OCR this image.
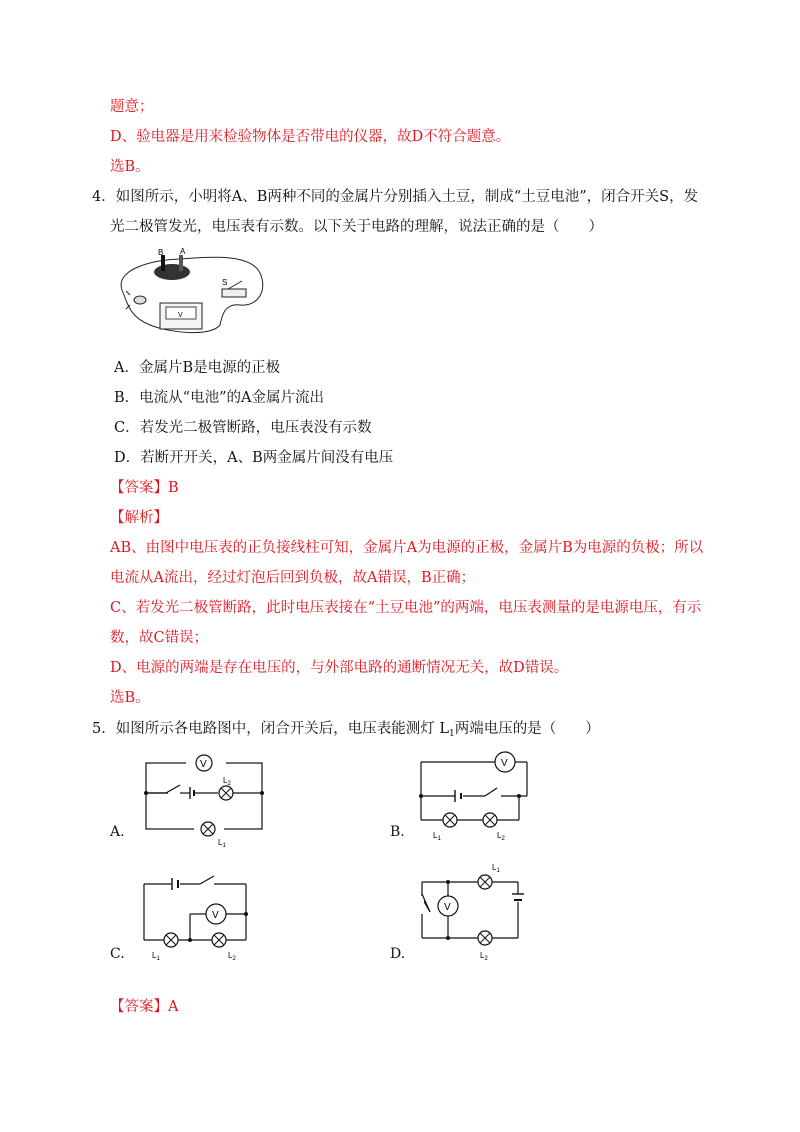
题意；
D、验电器是用来检验物体是否带电的仪器，故D不符合题意。
选B。
4．如图所示，小明将A、B两种不同的金属片分别插入土豆，制成“土豆电池”，闭合开关S，发
光二极管发光，电压表有示数。以下关于电路的理解，说法正确的是（　　）
B A
S
V
A．金属片B是电源的正极
B．电流从“电池”的A金属片流出
C．若发光二极管断路，电压表没有示数
D．若断开开关，A、B两金属片间没有电压
【答案】B
【解析】
AB、由图中电压表的正负接线柱可知，金属片A为电源的正极，金属片B为电源的负极；所以
电流从A流出，经过灯泡后回到负极，故A错误，B正确；
C、若发光二极管断路，此时电压表接在“土豆电池”的两端，电压表测量的是电源电压，有示
数，故C错误；
D、电源的两端是存在电压的，与外部电路的通断情况无关，故D错误。
选B。
5．如图所示各电路图中，闭合开关后，电压表能测灯 $L_1$两端电压的是（　　）
A.
V
$L_2$
$L_1$
B.
V
$L_1$	$L_2$
C.
V
$L_1$	$L_2$	D.
V
$L_1$
$L_2$
【答案】A
